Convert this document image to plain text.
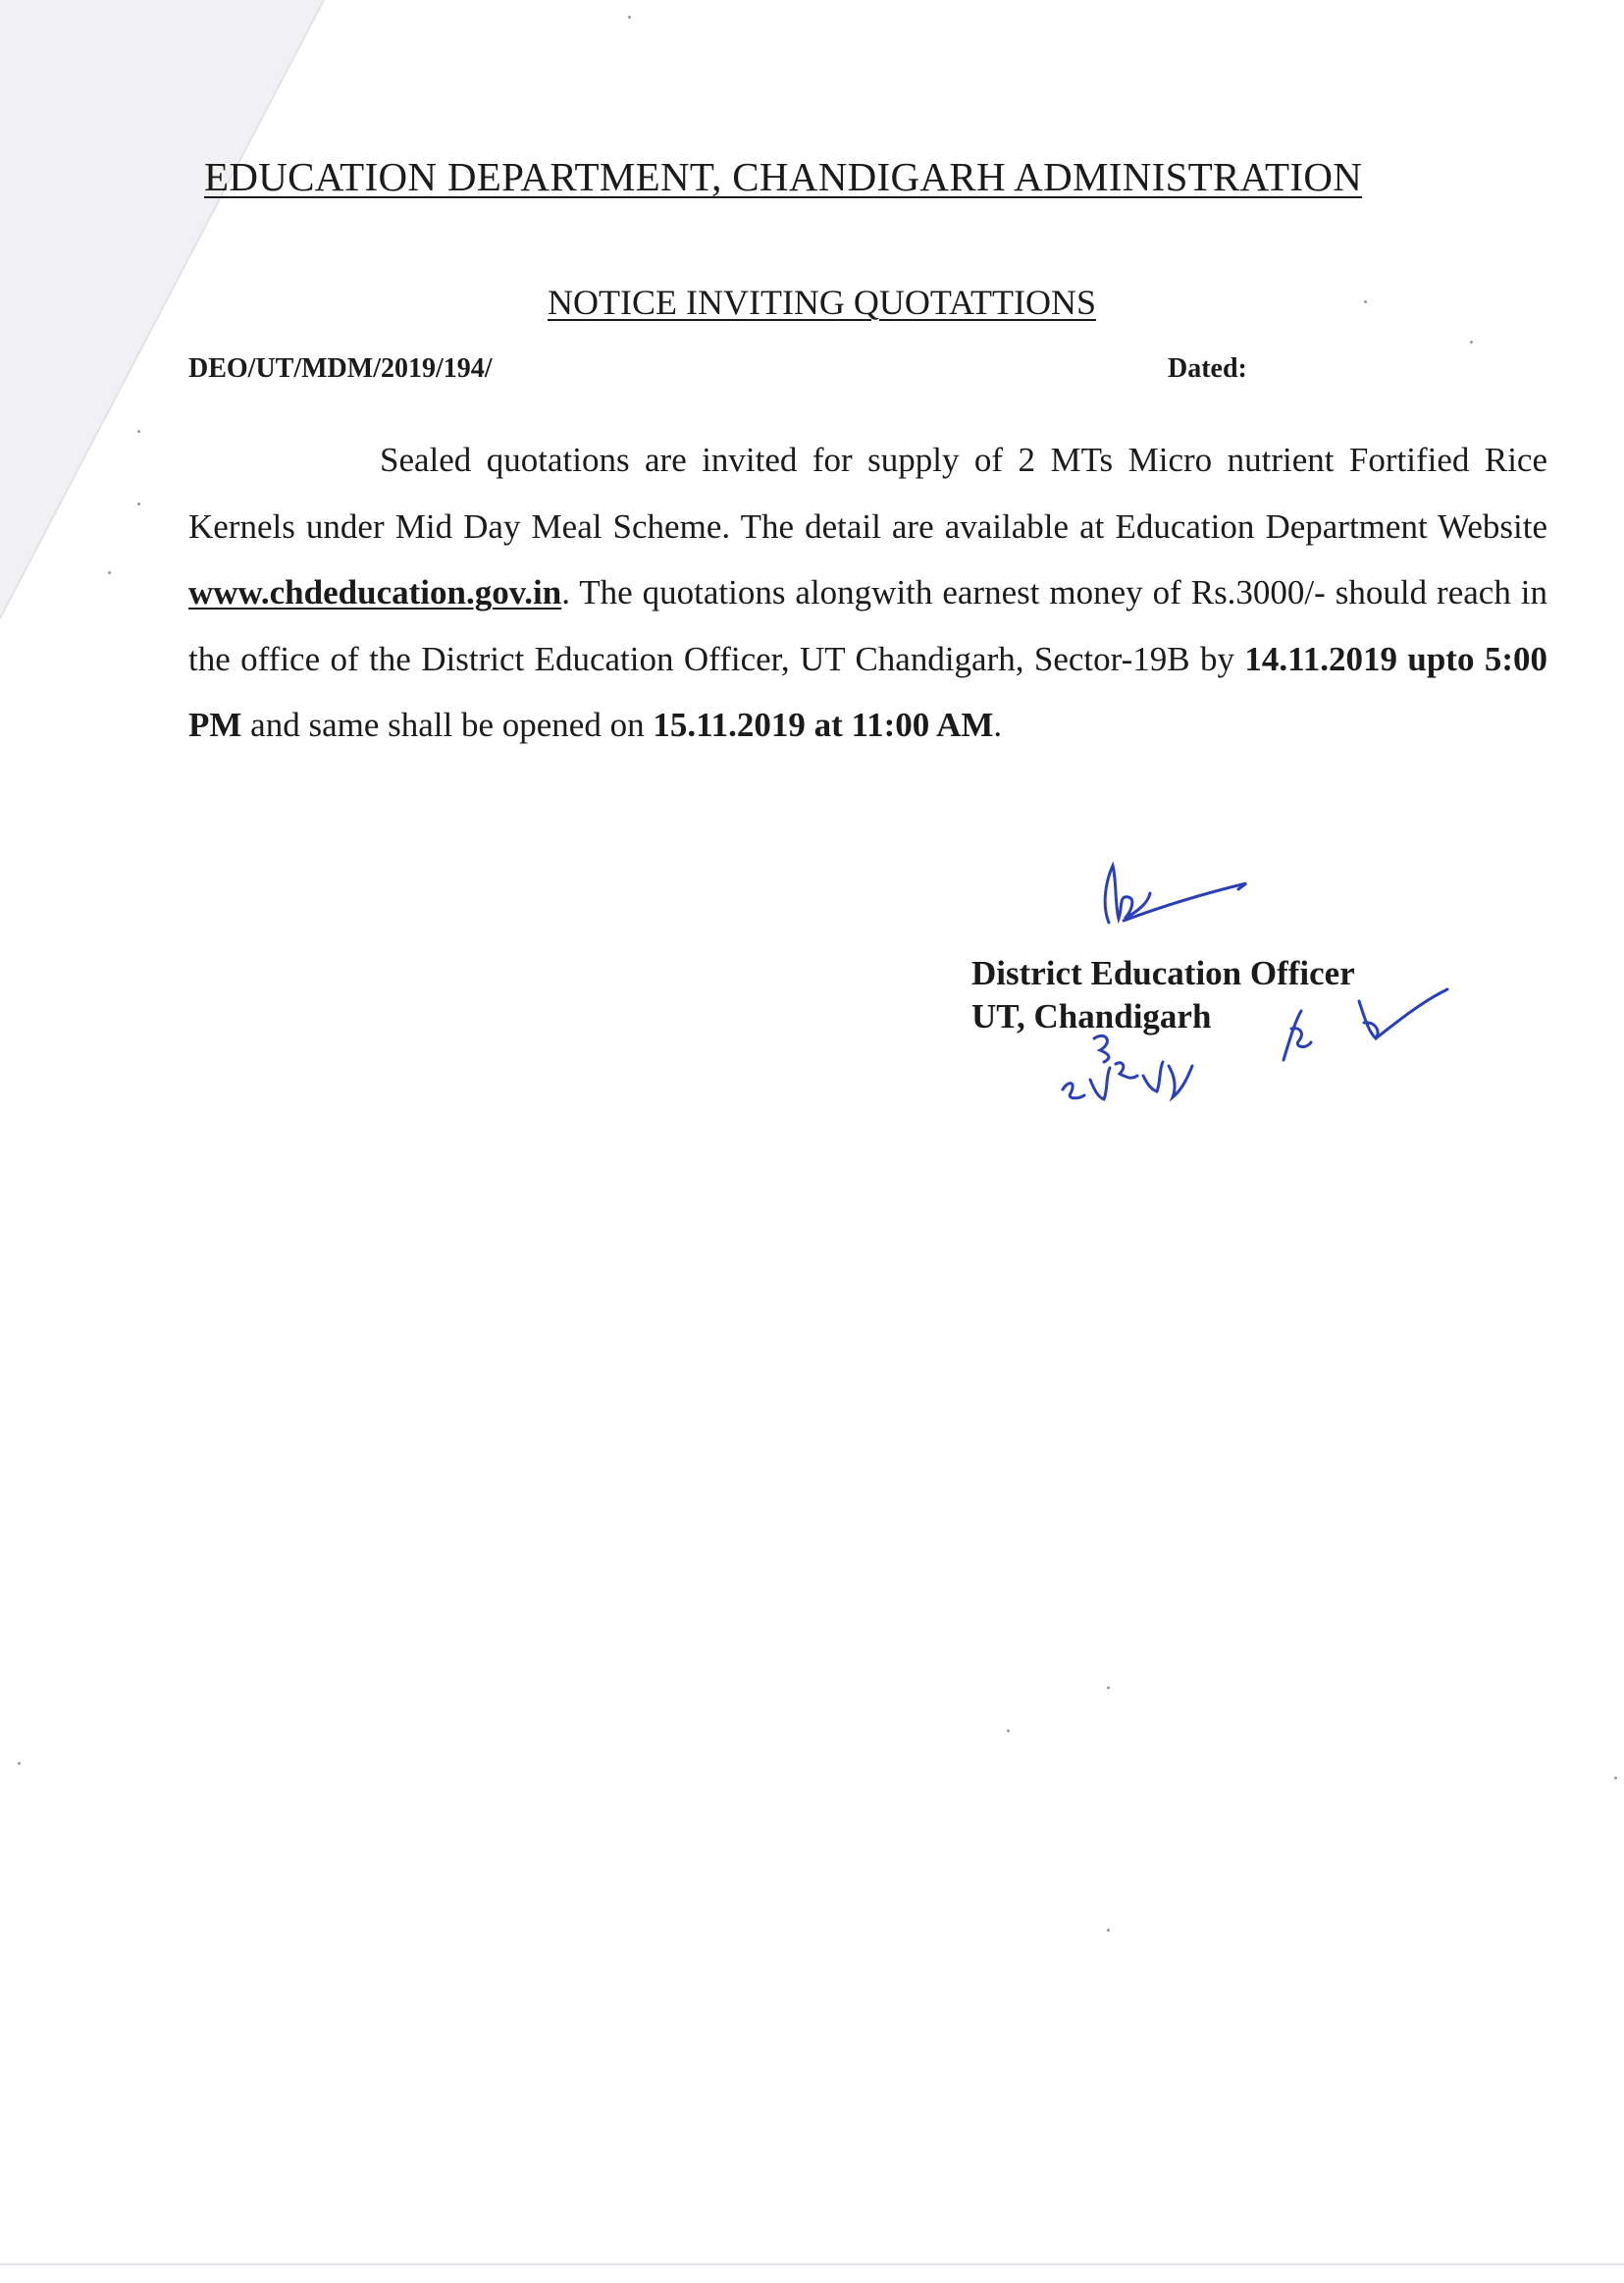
EDUCATION DEPARTMENT, CHANDIGARH ADMINISTRATION
NOTICE INVITING QUOTATTIONS
DEO/UT/MDM/2019/194/	Dated:

Sealed quotations are invited for supply of 2 MTs Micro nutrient Fortified Rice Kernels under Mid Day Meal Scheme. The detail are available at Education Department Website www.chdeducation.gov.in. The quotations alongwith earnest money of Rs.3000/- should reach in the office of the District Education Officer, UT Chandigarh, Sector-19B by 14.11.2019 upto 5:00 PM and same shall be opened on 15.11.2019 at 11:00 AM.

District Education Officer
UT, Chandigarh
